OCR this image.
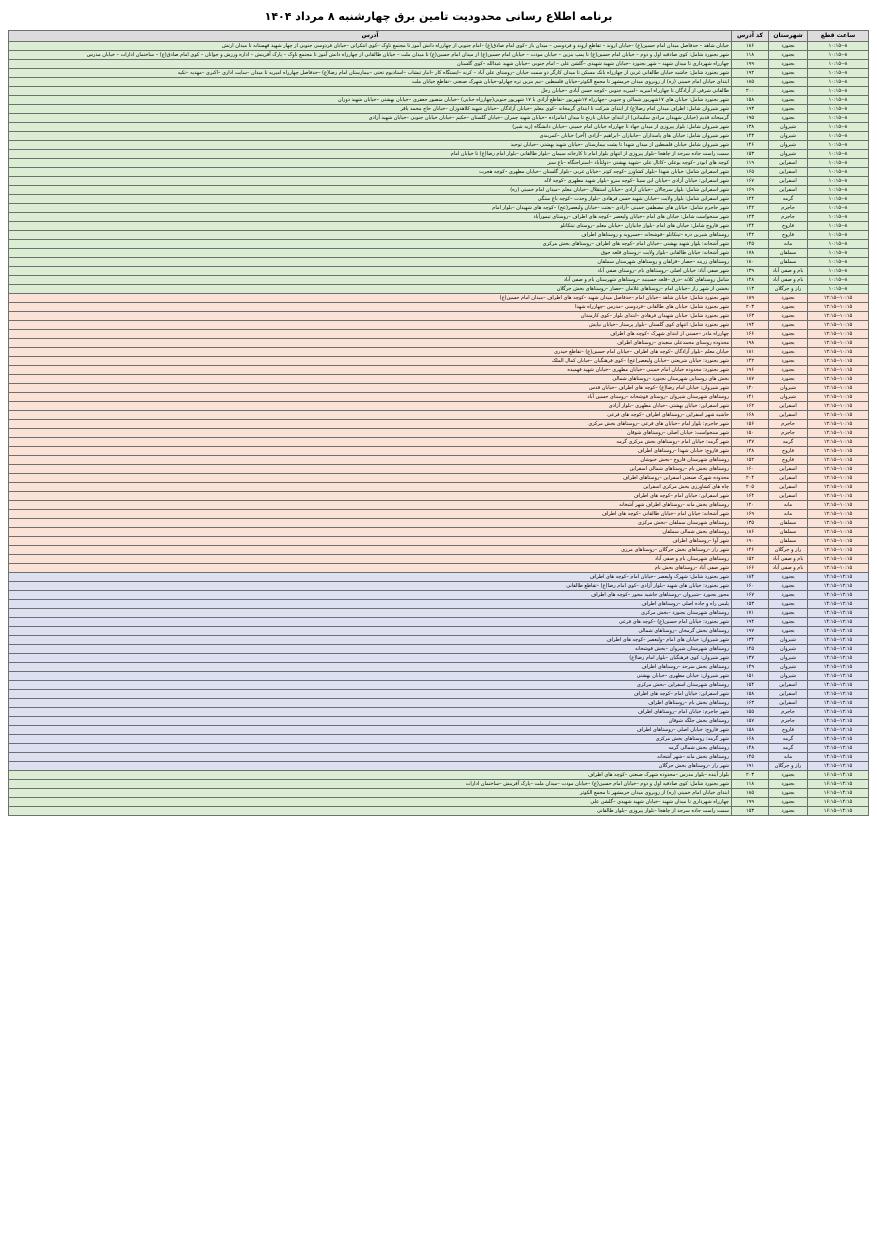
برنامه اطلاع رسانی محدودیت تامین برق چهارشنبه ۸ مرداد ۱۴۰۴
ساعت قطع	شهرستان	کد آدرس	آدرس
۸--۱۰:۱۵	بجنورد	۱۸۶	خیابان شاهد – حدفاصل میدان امام حسین(ع) –خیابان اروند – تقاطع اروند و فردوسی – میدان باز –کوی امام صادق(ع) –امام جنوبی از چهارراه دانش آموز تا مجتمع ناوک –کوی انتکراتن –خیابان فردوسی جنوبی از چهار شهید قهستانه تا میدان ارتش
۸--۱۰:۱۵	بجنورد	۱۱۸	شهر بجنورد شامل: کوی صادقیه اول و دوم – خیابان امام حسین(ع) تا پمپ بنزین – خیابان مودت – خیابان امام حسین(ع) از میدان امام حسین(ع) تا میدان ملت – خیابان طالقانی از چهارراه دانش آموز تا مجتمع ناوک – پارک آفرینش – اداره ورزش و جوانان – کوی امام صادق(ع) – ساختمان ادارات – خیابان مدرس
۸--۱۰:۱۵	بجنورد	۱۹۹	چهارراه شهرداری تا میدان شهید – شهر بجنورد –خیابان شهید شهیدی –گلشن علی – امام جنوبی –خیابان شهید عبدالله –کوی گلستان
۸--۱۰:۱۵	بجنورد	۱۹۲	شهر بجنورد شامل: حاشیه خیابان طالقانی غربی از چهارراه بانک مسکن تا میدان کارگر دو سمت خیابان –روستای علی آباد – کرنه –ایستگاه کار –انبار تیشاب –استادیوم تختی –بیمارستان امام رضا(ع) –حدفاصل چهارراه امیریه تا میدان –سایت اداری –اکبری –مهدیه –تکیه
۸--۱۰:۱۵	بجنورد	۱۸۵	ابتدای خیابان امام خمینی (ره) از روبروی میدان خرمشهر تا مجمع الکوثر–خیابان فلسطین –نیم بنزین تره چهارلو–خیابان شهرک صنعتی –تقاطع خیابان ملت
۸--۱۰:۱۵	بجنورد	۲۰۰	طالقانی شرقی از آزادگان تا چهارراه امیریه –امیریه جنوبی –کوچه حسن آبادی –خیابان رجل
۸--۱۰:۱۵	بجنورد	۱۵۸	شهر بجنورد شامل: خیابان های ۱۷شهریور شمالی و جنوبی –چهارراه ۱۷شهریور –تقاطع آزادی با ۱۷ شهریور جنوبی(چهارراه حنابی) –خیابان منصور جعفری –خیابان بهشتی –خیابان شهید دوران
۸--۱۰:۱۵	بجنورد	۱۹۳	شهر شیروان شامل: اطراف میدان امام رضا(ع) از ابتدای شرکت تا ابتدای گرمخانه –کوی معلم –خیابان آزادگان –خیابان شهید کلاهدوزان –خیابان حاج محمد باقر
۸--۱۰:۱۵	بجنورد	۱۹۵	گرمیخانه قدیم (خیابان شهیدان مرادی سلیمانی) از ابتدای خیابان نارنج تا میدان امامزاده –خیابان شهید چمران –خیابان گلستان –حکیم –خیابان خیابان جنوبی –خیابان شهید آزادی
۸--۱۰:۱۵	شیروان	۱۳۸	شهر شیروان شامل: بلوار پیروزی از میدان جهاد تا چهارراه خیابان امام خمینی –خیابان دانشگاه (ریه شیر)
۸--۱۰:۱۵	شیروان	۱۴۳	شهر شیروان شامل: خیابان های پاسداران –جانبازان –ابراهیم –آزادی (آخر) خیابان –کمربندی
۸--۱۰:۱۵	شیروان	۱۴۶	شهر شیروان شامل خیابان فلسطین از میدان شهدا تا پشت بیمارستان –خیابان شهید بهشتی –خیابان توحید
۸--۱۰:۱۵	شیروان	۱۵۳	سمت راست جاده سرحد از چاهجا –بلوار پیروزی از انتهای بلوار امام تا کارخانه سیمان –بلوار طالقانی –بلوار امام رضا(ع) تا خیابان امام
۸--۱۰:۱۵	اسفراین	۱۱۹	کوچه های ابوذر –کوچه بوعلی –کانال علی –شهید بهشتی –دولتآباد –استراحتگاه –باغ سبز
۸--۱۰:۱۵	اسفراین	۱۶۵	شهر اسفراین شامل: خیابان شهدا –بلوار کشاورز –کوچه کوثر –خیابان غربی –بلوار گلستان –خیابان مطهری –کوچه هجرت
۸--۱۰:۱۵	اسفراین	۱۶۷	شهر اسفراین: خیابان آزادی –خیابان ابن سینا –کوچه سرو –بلوار شهید مطهری –کوچه لاله
۸--۱۰:۱۵	اسفراین	۱۶۹	شهر اسفراین شامل: بلوار سرچالان –خیابان آزادی –خیابان استقلال –خیابان معلم –میدان امام خمینی (ره)
۸--۱۰:۱۵	گرمه	۱۲۴	شهر اسفراین شامل: بلوار ولایت –خیابان شهید حسن فرهادی –بلوار وحدت –کوچه باغ سنگی
۸--۱۰:۱۵	جاجرم	۱۴۲	شهر جاجرم شامل: خیابان های مصطفی خمینی –آزادی –بعثت –خیابان ولیعصر(عج) –کوچه های شهیدان –بلوار امام
۸--۱۰:۱۵	جاجرم	۱۲۳	شهر سنخواست شامل: خیابان های امام –خیابان ولیعصر –کوچه های اطراف –روستای تیمورآباد
۸--۱۰:۱۵	فاروج	۱۴۴	شهر فاروج شامل: خیابان های امام –بلوار جانبازان –خیابان معلم –روستای تیتکانلو
۸--۱۰:۱۵	فاروج	۱۴۲	روستاهای شیرین دره –تیتکانلو –قوشخانه –خسرویه و روستاهای اطراف
۸--۱۰:۱۵	مانه	۱۴۵	شهر آشخانه: بلوار شهید بهشتی –خیابان امام –کوچه های اطراف –روستاهای بخش مرکزی
۸--۱۰:۱۵	سملقان	۱۷۸	شهر آشخانه: خیابان طالقانی –بلوار ولایت –روستای قلعه جوق
۸--۱۰:۱۵	سملقان	۱۸۰	روستاهای زرینه –حصار –قزلقان و روستاهای شهرستان سملقان
۸--۱۰:۱۵	بام و صفی آباد	۱۳۹	شهر صفی آباد: خیابان اصلی –روستاهای بام –روستای صفی آباد
۸--۱۰:۱۵	بام و صفی آباد	۱۴۸	شامل روستاهای کلاته –درق –قلعه حسینیه –روستاهای شهرستان بام و صفی آباد
۸--۱۰:۱۵	راز و جرگلان	۱۱۳	بخشی از شهر راز –خیابان امام –روستاهای غلامان –حصار –روستاهای بخش جرگلان
۱۰:۱۵--۱۲:۱۵	بجنورد	۱۸۹	شهر بجنورد شامل: خیابان شاهد –خیابان امام –حدفاصل میدان شهید –کوچه های اطراف –میدان امام حسین(ع)
۱۰:۱۵--۱۲:۱۵	بجنورد	۲۰۳	شهر بجنورد شامل: خیابان های طالقانی –فردوسی –مدرس –چهارراه شهدا
۱۰:۱۵--۱۲:۱۵	بجنورد	۱۶۳	شهر بجنورد شامل: خیابان شهیدان فرهادی –ابتدای بلوار –کوی کارمندان
۱۰:۱۵--۱۲:۱۵	بجنورد	۱۹۴	شهر بجنورد شامل: انتهای کوی گلستان –بلوار پرستار –خیابان نیایش
۱۰:۱۵--۱۲:۱۵	بجنورد	۱۶۶	چهارراه مادر –حسنی از ابتدای شهرک –کوچه های اطراف
۱۰:۱۵--۱۲:۱۵	بجنورد	۱۹۸	محدوده روستای محمدعلی سعیدی –روستاهای اطراف
۱۰:۱۵--۱۲:۱۵	بجنورد	۱۸۱	خیابان معلم –بلوار آزادگان –کوچه های اطراف –خیابان امام حسین(ع) –تقاطع حیدری
۱۰:۱۵--۱۲:۱۵	بجنورد	۱۴۲	شهر بجنورد: خیابان شریعتی –خیابان ولیعصر(عج) –کوی فرهنگیان –خیابان کمال الملک
۱۰:۱۵--۱۲:۱۵	بجنورد	۱۹۶	شهر بجنورد: محدوده خیابان امام خمینی –خیابان مطهری –خیابان شهید فهمیده
۱۰:۱۵--۱۲:۱۵	بجنورد	۱۸۷	بخش های روستایی شهرستان بجنورد –روستاهای شمالی
۱۰:۱۵--۱۲:۱۵	شیروان	۱۴۰	شهر شیروان: خیابان امام رضا(ع) –کوچه های اطراف –خیابان قدس
۱۰:۱۵--۱۲:۱۵	شیروان	۱۴۱	روستاهای شهرستان شیروان –روستای قوشخانه –روستای حسین آباد
۱۰:۱۵--۱۲:۱۵	اسفراین	۱۶۲	شهر اسفراین: خیابان بهشتی –خیابان مطهری –بلوار آزادی
۱۰:۱۵--۱۲:۱۵	اسفراین	۱۶۸	حاشیه شهر اسفراین –روستاهای اطراف –کوچه های فرعی
۱۰:۱۵--۱۲:۱۵	جاجرم	۱۵۶	شهر جاجرم: بلوار امام –خیابان های فرعی –روستاهای بخش مرکزی
۱۰:۱۵--۱۲:۱۵	جاجرم	۱۵۰	شهر سنخواست: خیابان اصلی –روستاهای شوقان
۱۰:۱۵--۱۲:۱۵	گرمه	۱۴۷	شهر گرمه: خیابان امام –روستاهای بخش مرکزی گرمه
۱۰:۱۵--۱۲:۱۵	فاروج	۱۴۸	شهر فاروج: خیابان شهدا –روستاهای اطراف
۱۰:۱۵--۱۲:۱۵	فاروج	۱۵۲	روستاهای شهرستان فاروج –بخش خبوشان
۱۰:۱۵--۱۲:۱۵	اسفراین	۱۶۰	روستاهای بخش بام –روستاهای شمالی اسفراین
۱۰:۱۵--۱۲:۱۵	اسفراین	۲۰۴	محدوده شهرک صنعتی اسفراین –روستاهای اطراف
۱۰:۱۵--۱۲:۱۵	اسفراین	۲۰۵	چاه های کشاورزی بخش مرکزی اسفراین
۱۰:۱۵--۱۲:۱۵	اسفراین	۱۶۴	شهر اسفراین: خیابان امام –کوچه های اطراف
۱۰:۱۵--۱۲:۱۵	مانه	۱۲۰	روستاهای بخش مانه –روستاهای اطراف شهر آشخانه
۱۰:۱۵--۱۲:۱۵	مانه	۱۶۹	شهر آشخانه: خیابان امام –خیابان طالقانی –کوچه های اطراف
۱۰:۱۵--۱۲:۱۵	سملقان	۱۳۵	روستاهای شهرستان سملقان –بخش مرکزی
۱۰:۱۵--۱۲:۱۵	سملقان	۱۸۶	روستاهای بخش شمالی سملقان
۱۰:۱۵--۱۲:۱۵	سملقان	۱۹۰	شهر آوا –روستاهای اطراف
۱۰:۱۵--۱۲:۱۵	راز و جرگلان	۱۴۶	شهر راز –روستاهای بخش جرگلان –روستاهای مرزی
۱۰:۱۵--۱۲:۱۵	بام و صفی آباد	۱۵۲	روستاهای شهرستان بام و صفی آباد
۱۰:۱۵--۱۲:۱۵	بام و صفی آباد	۱۶۶	شهر صفی آباد –روستاهای بخش بام
۱۲:۱۵--۱۴:۱۵	بجنورد	۱۸۴	شهر بجنورد شامل: شهرک ولیعصر –خیابان امام –کوچه های اطراف
۱۲:۱۵--۱۴:۱۵	بجنورد	۱۶۰	شهر بجنورد: خیابان های شهید –بلوار آزادی –کوی امام رضا(ع) –تقاطع طالقانی
۱۲:۱۵--۱۴:۱۵	بجنورد	۱۶۷	محور بجنورد –شیروان –روستاهای حاشیه محور –کوچه های اطراف
۱۲:۱۵--۱۴:۱۵	بجنورد	۱۵۳	پلیس راه و جاده اصلی –روستاهای اطراف
۱۲:۱۵--۱۴:۱۵	بجنورد	۱۷۱	روستاهای شهرستان بجنورد –بخش مرکزی
۱۲:۱۵--۱۴:۱۵	بجنورد	۱۹۴	شهر بجنورد: خیابان امام حسین(ع) –کوچه های فرعی
۱۲:۱۵--۱۴:۱۵	بجنورد	۱۹۷	روستاهای بخش گرمخان –روستاهای شمالی
۱۲:۱۵--۱۴:۱۵	شیروان	۱۳۴	شهر شیروان: خیابان های امام –ولیعصر –کوچه های اطراف
۱۲:۱۵--۱۴:۱۵	شیروان	۱۴۵	روستاهای شهرستان شیروان –بخش قوشخانه
۱۲:۱۵--۱۴:۱۵	شیروان	۱۳۷	شهر شیروان: کوی فرهنگیان –بلوار امام رضا(ع)
۱۲:۱۵--۱۴:۱۵	شیروان	۱۴۹	روستاهای بخش سرحد –روستاهای اطراف
۱۲:۱۵--۱۴:۱۵	شیروان	۱۵۱	شهر شیروان: خیابان مطهری –خیابان بهشتی
۱۲:۱۵--۱۴:۱۵	اسفراین	۱۵۴	روستاهای شهرستان اسفراین –بخش مرکزی
۱۲:۱۵--۱۴:۱۵	اسفراین	۱۵۸	شهر اسفراین: خیابان امام –کوچه های اطراف
۱۲:۱۵--۱۴:۱۵	اسفراین	۱۶۳	روستاهای بخش بام –روستاهای اطراف
۱۲:۱۵--۱۴:۱۵	جاجرم	۱۵۵	شهر جاجرم: خیابان امام –روستاهای اطراف
۱۲:۱۵--۱۴:۱۵	جاجرم	۱۵۷	روستاهای بخش جلگه شوقان
۱۲:۱۵--۱۴:۱۵	فاروج	۱۵۸	شهر فاروج: خیابان اصلی –روستاهای اطراف
۱۲:۱۵--۱۴:۱۵	گرمه	۱۶۸	شهر گرمه: روستاهای بخش مرکزی
۱۲:۱۵--۱۴:۱۵	گرمه	۱۴۸	روستاهای بخش شمالی گرمه
۱۲:۱۵--۱۴:۱۵	مانه	۱۴۵	روستاهای بخش مانه –شهر آشخانه
۱۲:۱۵--۱۴:۱۵	راز و جرگلان	۱۹۱	شهر راز –روستاهای بخش جرگلان
۱۴:۱۵--۱۶:۱۵	بجنورد	۲۰۳	بلوار آینده –بلوار مدرس –محدوده شهرک صنعتی –کوچه های اطراف
۱۴:۱۵--۱۶:۱۵	بجنورد	۱۱۸	شهر بجنورد شامل: کوی صادقیه اول و دوم –خیابان امام حسین(ع) –خیابان مودت –میدان ملت –پارک آفرینش –ساختمان ادارات
۱۴:۱۵--۱۶:۱۵	بجنورد	۱۸۵	ابتدای خیابان امام خمینی (ره) از روبروی میدان خرمشهر تا مجمع الکوثر
۱۴:۱۵--۱۶:۱۵	بجنورد	۱۹۹	چهارراه شهرداری تا میدان شهید –خیابان شهید شهیدی –گلشن علی
۱۴:۱۵--۱۶:۱۵	بجنورد	۱۵۳	سمت راست جاده سرحد از چاهجا –بلوار پیروزی –بلوار طالقانی
